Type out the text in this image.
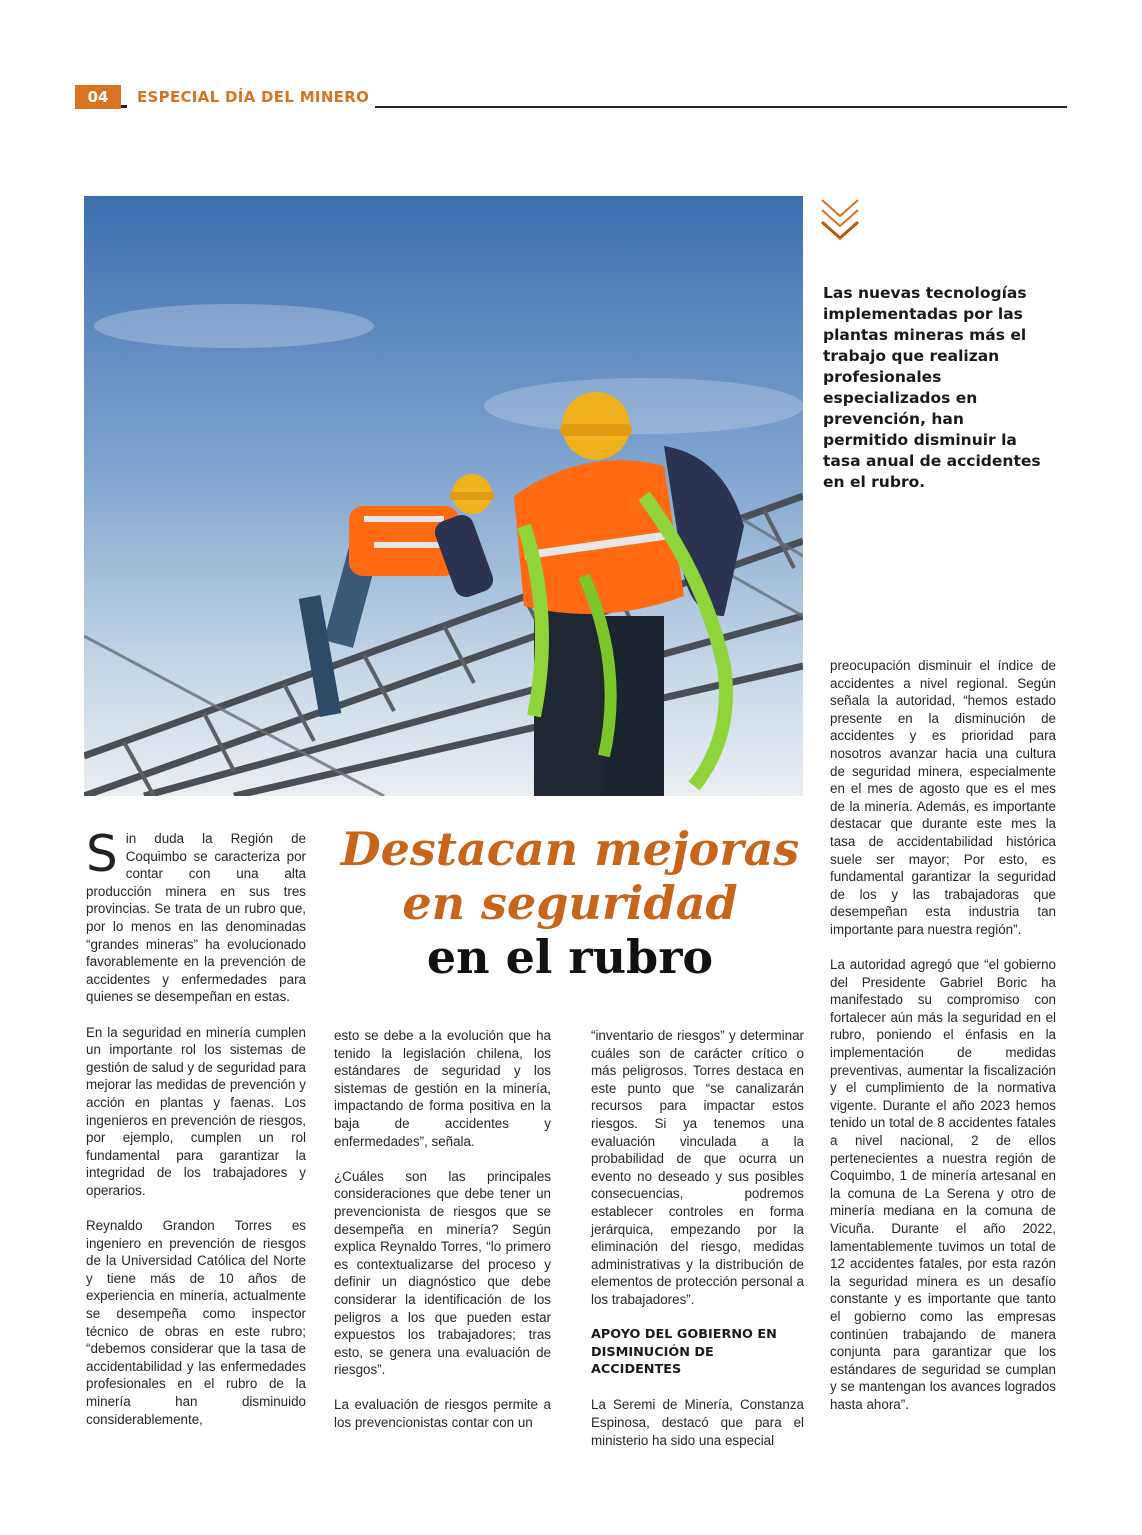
04	ESPECIAL DÍA DEL MINERO
Las nuevas tecnologías implementadas por las plantas mineras más el trabajo que realizan profesionales especializados en prevención, han permitido disminuir la tasa anual de accidentes en el rubro.
Destacan mejoras
en seguridad
en el rubro

Sin duda la Región de Coquimbo se caracteriza por contar con una alta producción minera en sus tres provincias. Se trata de un rubro que, por lo menos en las denominadas “grandes mineras” ha evolucionado favorablemente en la prevención de accidentes y enfermedades para quienes se desempeñan en estas.

En la seguridad en minería cumplen un importante rol los sistemas de gestión de salud y de seguridad para mejorar las medidas de prevención y acción en plantas y faenas. Los ingenieros en prevención de riesgos, por ejemplo, cumplen un rol fundamental para garantizar la integridad de los trabajadores y operarios.

Reynaldo Grandon Torres es ingeniero en prevención de riesgos de la Universidad Católica del Norte y tiene más de 10 años de experiencia en minería, actualmente se desempeña como inspector técnico de obras en este rubro; “debemos considerar que la tasa de accidentabilidad y las enfermedades profesionales en el rubro de la minería han disminuido considerablemente,

esto se debe a la evolución que ha tenido la legislación chilena, los estándares de seguridad y los sistemas de gestión en la minería, impactando de forma positiva en la baja de accidentes y enfermedades”, señala.

¿Cuáles son las principales consideraciones que debe tener un prevencionista de riesgos que se desempeña en minería? Según explica Reynaldo Torres, “lo primero es contextualizarse del proceso y definir un diagnóstico que debe considerar la identificación de los peligros a los que pueden estar expuestos los trabajadores; tras esto, se genera una evaluación de riesgos”.

La evaluación de riesgos permite a los prevencionistas contar con un

“inventario de riesgos” y determinar cuáles son de carácter crítico o más peligrosos. Torres destaca en este punto que “se canalizarán recursos para impactar estos riesgos. Si ya tenemos una evaluación vinculada a la probabilidad de que ocurra un evento no deseado y sus posibles consecuencias, podremos establecer controles en forma jerárquica, empezando por la eliminación del riesgo, medidas administrativas y la distribución de elementos de protección personal a los trabajadores”.

APOYO DEL GOBIERNO EN DISMINUCIÓN DE ACCIDENTES

La Seremi de Minería, Constanza Espinosa, destacó que para el ministerio ha sido una especial

preocupación disminuir el índice de accidentes a nivel regional. Según señala la autoridad, “hemos estado presente en la disminución de accidentes y es prioridad para nosotros avanzar hacia una cultura de seguridad minera, especialmente en el mes de agosto que es el mes de la minería. Además, es importante destacar que durante este mes la tasa de accidentabilidad histórica suele ser mayor; Por esto, es fundamental garantizar la seguridad de los y las trabajadoras que desempeñan esta industria tan importante para nuestra región”.

La autoridad agregó que “el gobierno del Presidente Gabriel Boric ha manifestado su compromiso con fortalecer aún más la seguridad en el rubro, poniendo el énfasis en la implementación de medidas preventivas, aumentar la fiscalización y el cumplimiento de la normativa vigente. Durante el año 2023 hemos tenido un total de 8 accidentes fatales a nivel nacional, 2 de ellos pertenecientes a nuestra región de Coquimbo, 1 de minería artesanal en la comuna de La Serena y otro de minería mediana en la comuna de Vicuña. Durante el año 2022, lamentablemente tuvimos un total de 12 accidentes fatales, por esta razón la seguridad minera es un desafío constante y es importante que tanto el gobierno como las empresas continúen trabajando de manera conjunta para garantizar que los estándares de seguridad se cumplan y se mantengan los avances logrados hasta ahora”.
